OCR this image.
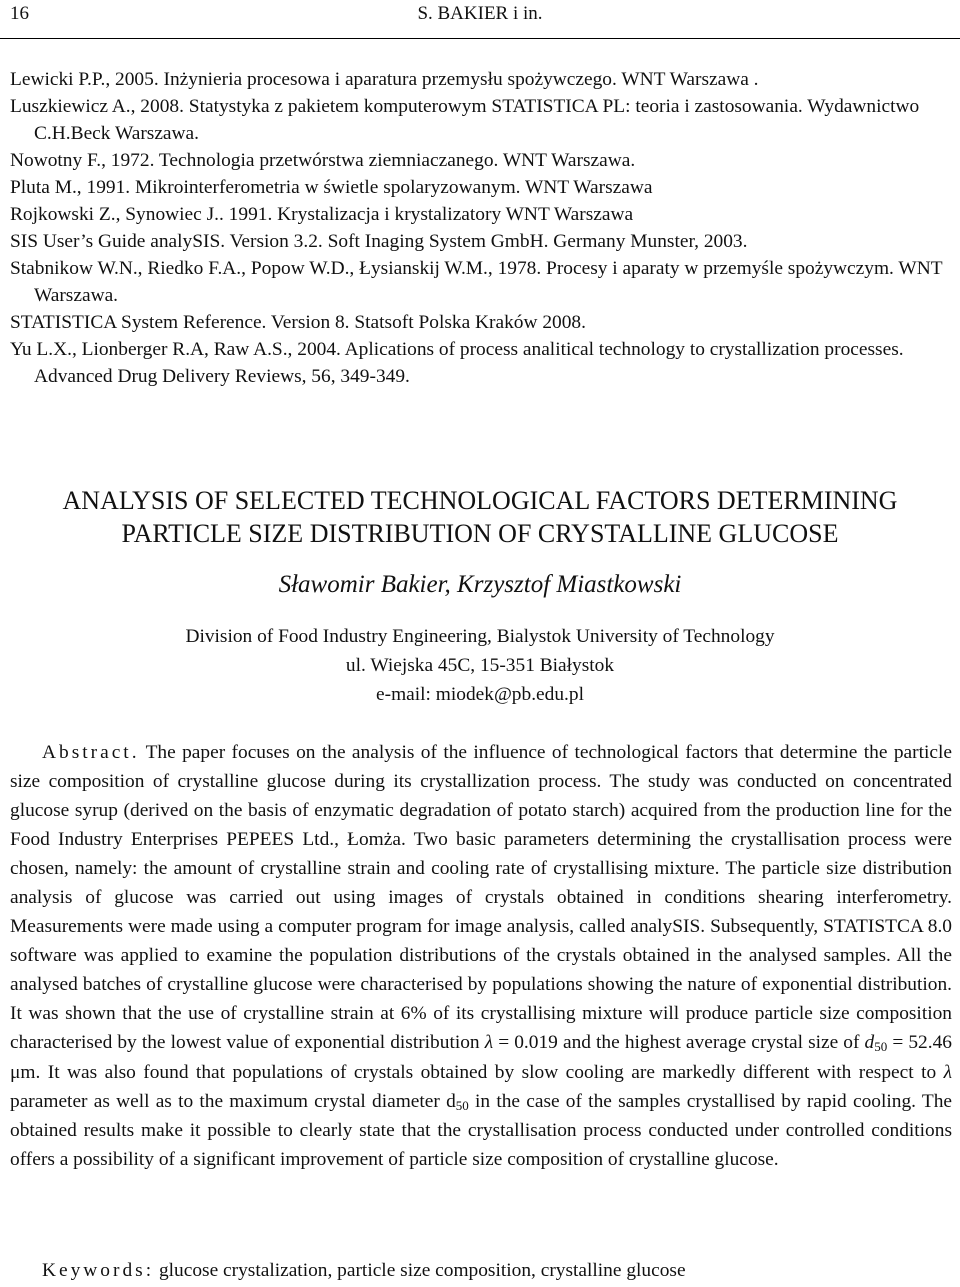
16	S. BAKIER i in.

Lewicki P.P., 2005. Inżynieria procesowa i aparatura przemysłu spożywczego. WNT Warszawa .

Luszkiewicz A., 2008. Statystyka z pakietem komputerowym STATISTICA PL: teoria i zastosowania. Wydawnictwo C.H.Beck Warszawa.

Nowotny F., 1972. Technologia przetwórstwa ziemniaczanego. WNT Warszawa.

Pluta M., 1991. Mikrointerferometria w świetle spolaryzowanym. WNT Warszawa

Rojkowski Z., Synowiec J.. 1991. Krystalizacja i krystalizatory WNT Warszawa

SIS User’s Guide analySIS. Version 3.2. Soft Inaging System GmbH. Germany Munster, 2003.

Stabnikow W.N., Riedko F.A., Popow W.D., Łysianskij W.M., 1978. Procesy i aparaty w przemyśle spożywczym. WNT Warszawa.

STATISTICA System Reference. Version 8. Statsoft Polska Kraków 2008.

Yu L.X., Lionberger R.A, Raw A.S., 2004. Aplications of process analitical technology to crystallization processes. Advanced Drug Delivery Reviews, 56, 349-349.

ANALYSIS OF SELECTED TECHNOLOGICAL FACTORS DETERMINING
PARTICLE SIZE DISTRIBUTION OF CRYSTALLINE GLUCOSE
Sławomir Bakier, Krzysztof Miastkowski
Division of Food Industry Engineering, Bialystok University of Technology
ul. Wiejska 45C, 15-351 Białystok
e-mail: miodek@pb.edu.pl

Abstract. The paper focuses on the analysis of the influence of technological factors that determine the particle size composition of crystalline glucose during its crystallization process. The study was conducted on concentrated glucose syrup (derived on the basis of enzymatic degradation of potato starch) acquired from the production line for the Food Industry Enterprises PEPEES Ltd., Łomża. Two basic parameters determining the crystallisation process were chosen, namely: the amount of crystalline strain and cooling rate of crystallising mixture. The particle size distribution analysis of glucose was carried out using images of crystals obtained in conditions shearing interferometry. Measurements were made using a computer program for image analysis, called analySIS. Subsequently, STATISTCA 8.0 software was applied to examine the population distributions of the crystals obtained in the analysed samples. All the analysed batches of crystalline glucose were characterised by populations showing the nature of exponential distribution. It was shown that the use of crystalline strain at 6% of its crystallising mixture will produce particle size composition characterised by the lowest value of exponential distribution λ = 0.019 and the highest average crystal size of $d_{50} = 52.46$ μm. It was also found that populations of crystals obtained by slow cooling are markedly different with respect to λ parameter as well as to the maximum crystal diameter $d_{50}$ in the case of the samples crystallised by rapid cooling. The obtained results make it possible to clearly state that the crystallisation process conducted under controlled conditions offers a possibility of a significant improvement of particle size composition of crystalline glucose.

Keywords: glucose crystalization, particle size composition, crystalline glucose
